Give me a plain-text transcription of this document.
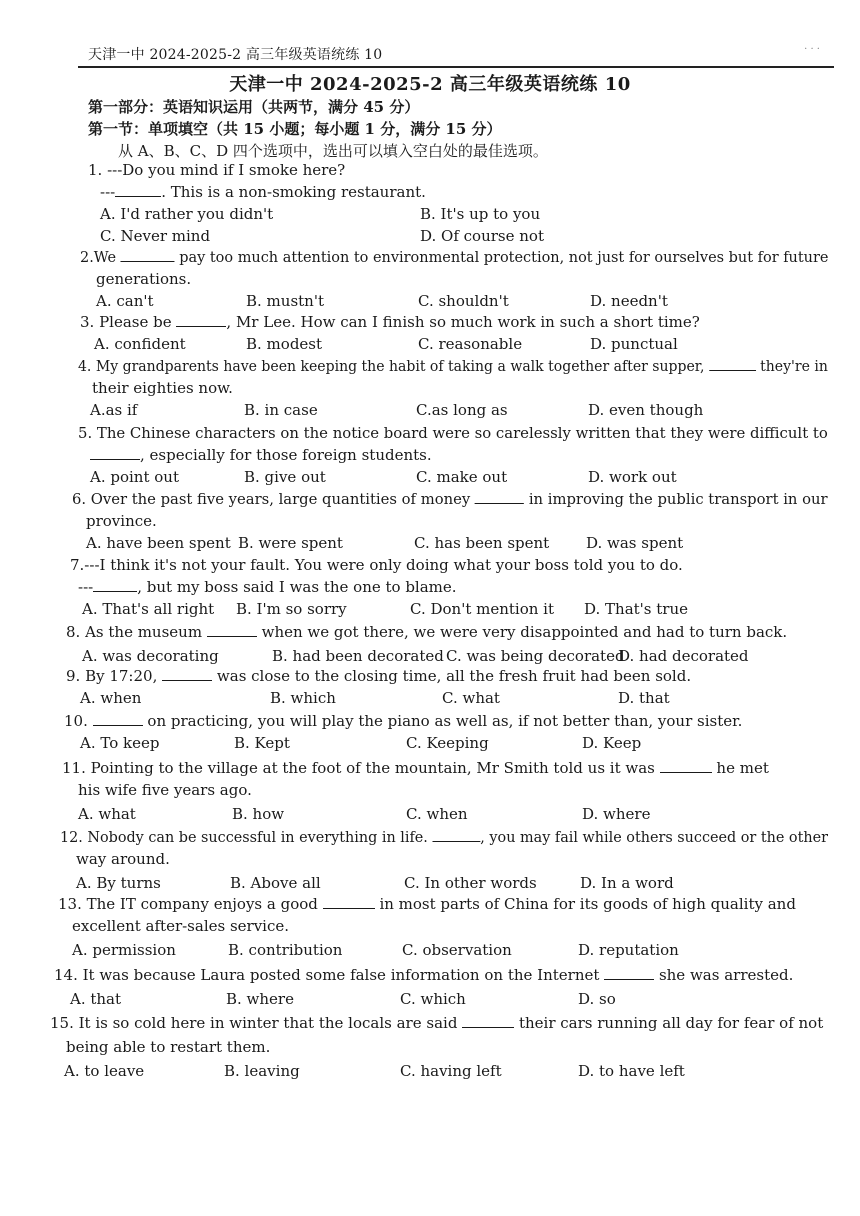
天津一中 2024-2025-2 高三年级英语统练 10	· · ·
天津一中 2024-2025-2 高三年级英语统练 10
第一部分：英语知识运用（共两节，满分 45 分）
第一节：单项填空（共 15 小题；每小题 1 分，满分 15 分）
从 A、B、C、D 四个选项中，选出可以填入空白处的最佳选项。
1. ---Do you mind if I smoke here?
---	. This is a non-smoking restaurant.
A. I'd rather you didn't	B. It's up to you
C. Never mind	D. Of course not
2.We	pay too much attention to environmental protection, not just for ourselves but for future
generations.
A. can't	B. mustn't	C. shouldn't	D. needn't
3. Please be	, Mr Lee. How can I finish so much work in such a short time?
A. confident	B. modest	C. reasonable	D. punctual
4. My grandparents have been keeping the habit of taking a walk together after supper,	they're in
their eighties now.
A.as if	B. in case	C.as long as	D. even though
5. The Chinese characters on the notice board were so carelessly written that they were difficult to
, especially for those foreign students.
A. point out	B. give out	C. make out	D. work out
6. Over the past five years, large quantities of money	in improving the public transport in our
province.
A. have been spent B. were spent	C. has been spent D. was spent
7.---I think it's not your fault. You were only doing what your boss told you to do.
---	, but my boss said I was the one to blame.
A. That's all right B. I'm so sorry	C. Don't mention it D. That's true
8. As the museum	when we got there, we were very disappointed and had to turn back.
A. was decorating	B. had been decorated C. was being decorated
D. had decorated
9. By 17:20,	was close to the closing time, all the fresh fruit had been sold.
A. when	B. which	C. what	D. that
10.	on practicing, you will play the piano as well as, if not better than, your sister.
A. To keep	B. Kept	C. Keeping	D. Keep
11. Pointing to the village at the foot of the mountain, Mr Smith told us it was	he met
his wife five years ago.
A. what	B. how	C. when	D. where
12. Nobody can be successful in everything in life.	, you may fail while others succeed or the other
way around.
A. By turns	B. Above all	C. In other words	D. In a word
13. The IT company enjoys a good	in most parts of China for its goods of high quality and
excellent after-sales service.
A. permission	B. contribution	C. observation	D. reputation
14. It was because Laura posted some false information on the Internet	she was arrested.
A. that	B. where	C. which	D. so
15. It is so cold here in winter that the locals are said	their cars running all day for fear of not
being able to restart them.
A. to leave	B. leaving	C. having left	D. to have left
